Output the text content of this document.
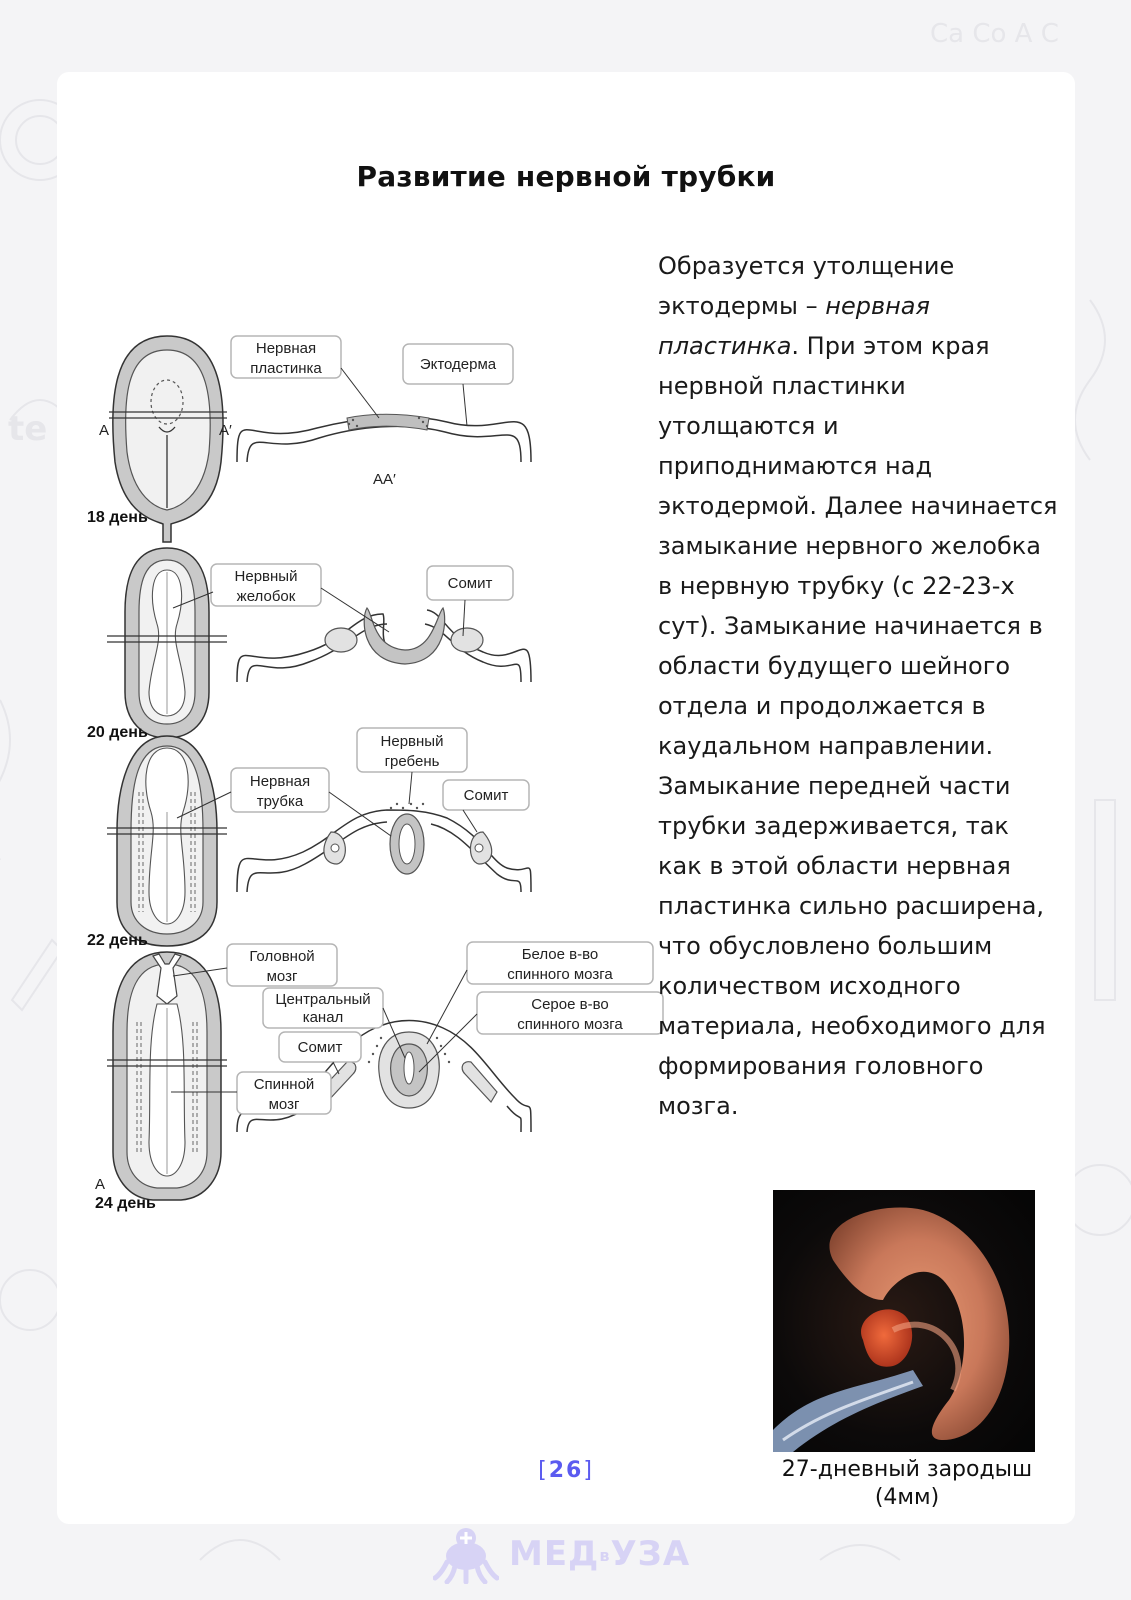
te
Ca Co A C
Развитие нервной трубки
A	A′
18 день
AA′
Нервная
пластинка	Эктодерма
20 день
Нервный
желобок
Сомит
22 день
Нервный
гребень
Нервная
трубка	Сомит
A
24 день
Головной
мозг
Центральный
канал
Сомит
Спинной
мозг
Белое в-во
спинного мозга
Серое в-во
спинного мозга
Образуется утолщение эктодермы – нервная пластинка. При этом края нервной пластинки утолщаются и приподнимаются над эктодермой. Далее начинается замыкание нервного желобка в нервную трубку (с 22-23-х сут). Замыкание начинается в области будущего шейного отдела и продолжается в каудальном направлении. Замыкание передней части трубки задерживается, так как в этой области нервная пластинка сильно расширена, что обусловлено большим количеством исходного материала, необходимого для формирования головного мозга.
27-дневный зародыш
(4мм)
[26]
МЕДвУЗА
